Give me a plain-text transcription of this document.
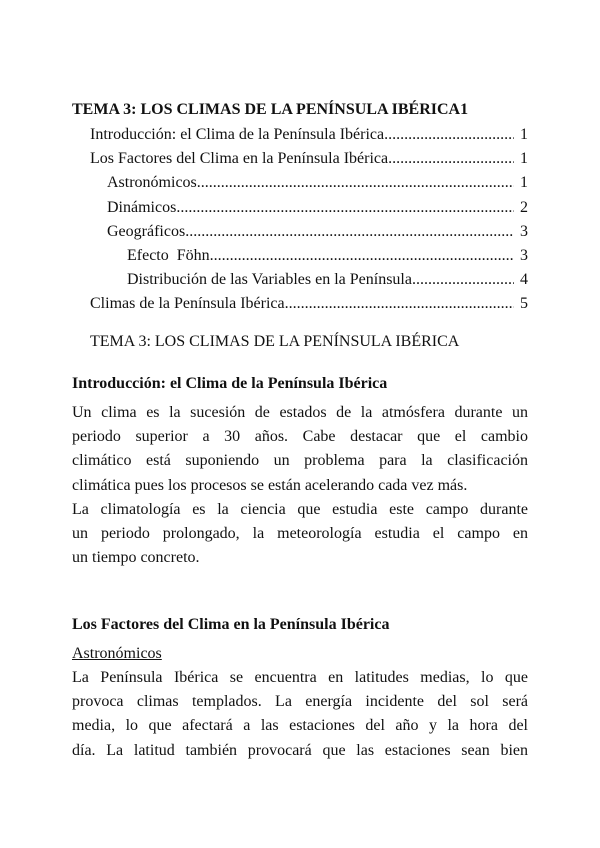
TEMA 3: LOS CLIMAS DE LA PENÍNSULA IBÉRICA1
Introducción: el Clima de la Península Ibérica .....	1
Los Factores del Clima en la Península Ibérica .....	1
Astronómicos .....	1
Dinámicos .....	2
Geográficos .....	3
Efecto  Föhn .....	3
Distribución de las Variables en la Península .....	4
Climas de la Península Ibérica .....	5
TEMA 3: LOS CLIMAS DE LA PENÍNSULA IBÉRICA
Introducción: el Clima de la Península Ibérica

Un clima es la sucesión de estados de la atmósfera durante un
periodo superior a 30 años. Cabe destacar que el cambio
climático está suponiendo un problema para la clasificación
climática pues los procesos se están acelerando cada vez más.
La climatología es la ciencia que estudia este campo durante
un periodo prolongado, la meteorología estudia el campo en
un tiempo concreto.

Los Factores del Clima en la Península Ibérica
Astronómicos

La Península Ibérica se encuentra en latitudes medias, lo que
provoca climas templados. La energía incidente del sol será
media, lo que afectará a las estaciones del año y la hora del
día. La latitud también provocará que las estaciones sean bien
